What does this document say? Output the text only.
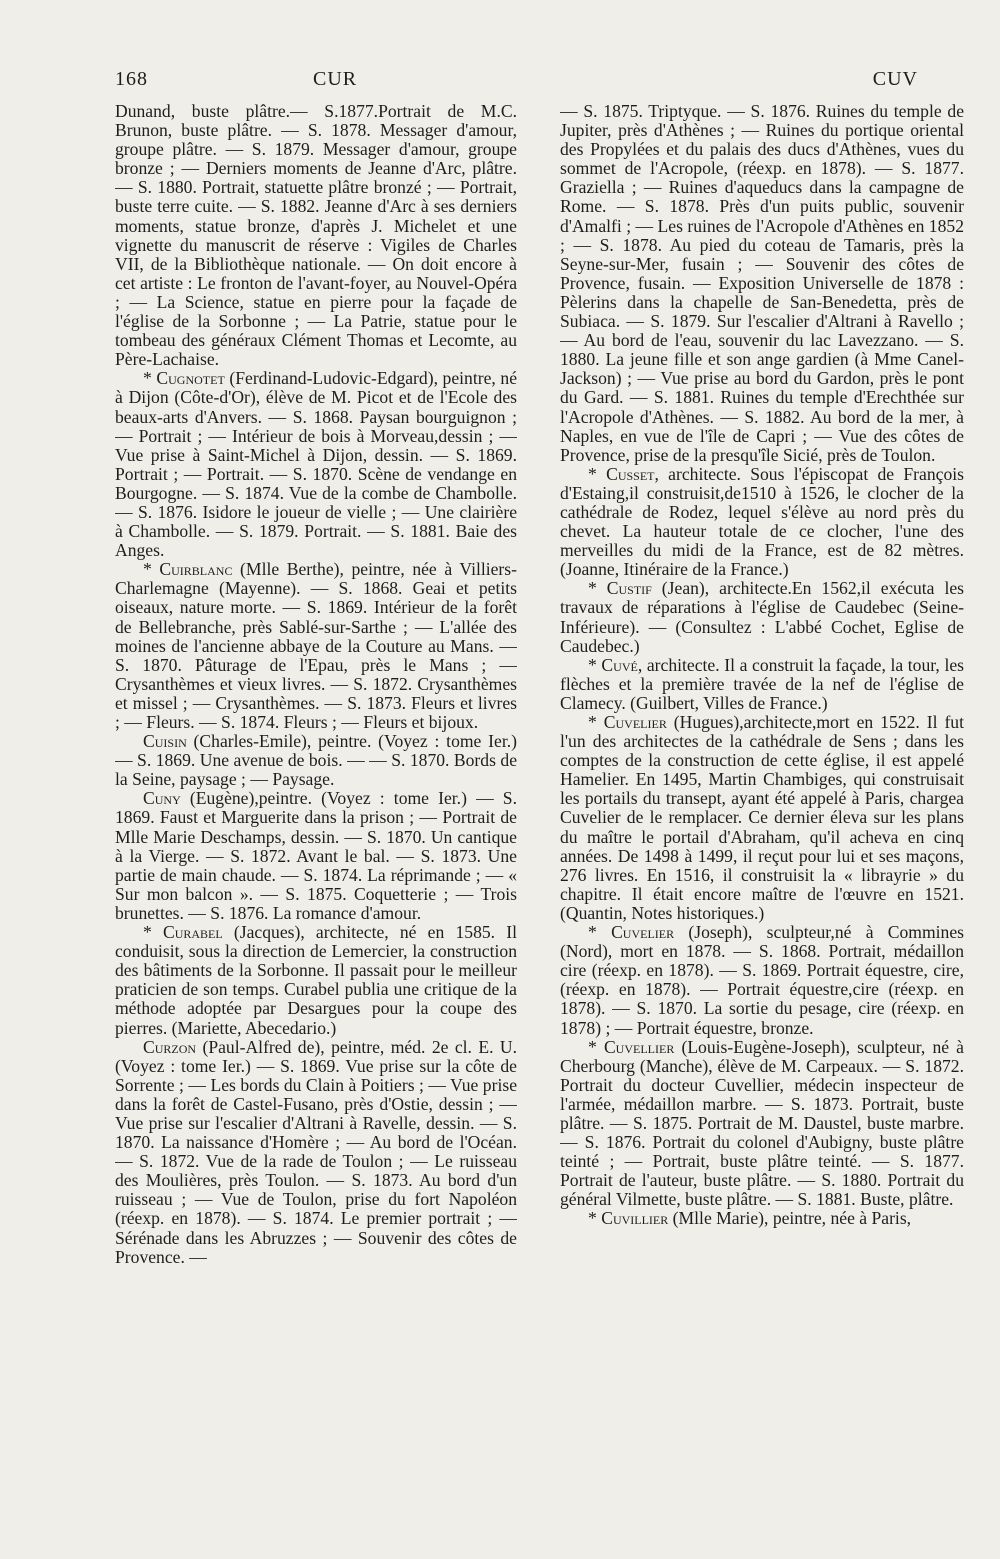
168	CUR	CUV

Dunand, buste plâtre.— S.1877.Portrait de M.C. Brunon, buste plâtre. — S. 1878. Messager d'amour, groupe plâtre. — S. 1879. Messager d'amour, groupe bronze ; — Derniers moments de Jeanne d'Arc, plâtre. — S. 1880. Portrait, statuette plâtre bronzé ; — Portrait, buste terre cuite. — S. 1882. Jeanne d'Arc à ses derniers moments, statue bronze, d'après J. Michelet et une vignette du manuscrit de réserve : Vigiles de Charles VII, de la Bibliothèque nationale. — On doit encore à cet artiste : Le fronton de l'avant-foyer, au Nouvel-Opéra ; — La Science, statue en pierre pour la façade de l'église de la Sorbonne ; — La Patrie, statue pour le tombeau des généraux Clément Thomas et Lecomte, au Père-Lachaise.

* Cugnotet (Ferdinand-Ludovic-Edgard), peintre, né à Dijon (Côte-d'Or), élève de M. Picot et de l'Ecole des beaux-arts d'Anvers. — S. 1868. Paysan bourguignon ;— Portrait ; — Intérieur de bois à Morveau,dessin ; — Vue prise à Saint-Michel à Dijon, dessin. — S. 1869. Portrait ; — Portrait. — S. 1870. Scène de vendange en Bourgogne. — S. 1874. Vue de la combe de Chambolle. — S. 1876. Isidore le joueur de vielle ; — Une clairière à Chambolle. — S. 1879. Portrait. — S. 1881. Baie des Anges.

* Cuirblanc (Mlle Berthe), peintre, née à Villiers-Charlemagne (Mayenne). — S. 1868. Geai et petits oiseaux, nature morte. — S. 1869. Intérieur de la forêt de Bellebranche, près Sablé-sur-Sarthe ; — L'allée des moines de l'ancienne abbaye de la Couture au Mans. — S. 1870. Pâturage de l'Epau, près le Mans ; — Crysanthèmes et vieux livres. — S. 1872. Crysanthèmes et missel ; — Crysanthèmes. — S. 1873. Fleurs et livres ; — Fleurs. — S. 1874. Fleurs ; — Fleurs et bijoux.

Cuisin (Charles-Emile), peintre. (Voyez : tome Ier.) — S. 1869. Une avenue de bois. — — S. 1870. Bords de la Seine, paysage ; — Paysage.

Cuny (Eugène),peintre. (Voyez : tome Ier.) — S. 1869. Faust et Marguerite dans la prison ; — Portrait de Mlle Marie Deschamps, dessin. — S. 1870. Un cantique à la Vierge. — S. 1872. Avant le bal. — S. 1873. Une partie de main chaude. — S. 1874. La réprimande ; — « Sur mon balcon ». — S. 1875. Coquetterie ; — Trois brunettes. — S. 1876. La romance d'amour.

* Curabel (Jacques), architecte, né en 1585. Il conduisit, sous la direction de Lemercier, la construction des bâtiments de la Sorbonne. Il passait pour le meilleur praticien de son temps. Curabel publia une critique de la méthode adoptée par Desargues pour la coupe des pierres. (Mariette, Abecedario.)

Curzon (Paul-Alfred de), peintre, méd. 2e cl. E. U. (Voyez : tome Ier.) — S. 1869. Vue prise sur la côte de Sorrente ; — Les bords du Clain à Poitiers ; — Vue prise dans la forêt de Castel-Fusano, près d'Ostie, dessin ; — Vue prise sur l'escalier d'Altrani à Ravelle, dessin. — S. 1870. La naissance d'Homère ; — Au bord de l'Océan. — S. 1872. Vue de la rade de Toulon ; — Le ruisseau des Moulières, près Toulon. — S. 1873. Au bord d'un ruisseau ; — Vue de Toulon, prise du fort Napoléon (réexp. en 1878). — S. 1874. Le premier portrait ; — Sérénade dans les Abruzzes ; — Souvenir des côtes de Provence. —

— S. 1875. Triptyque. — S. 1876. Ruines du temple de Jupiter, près d'Athènes ; — Ruines du portique oriental des Propylées et du palais des ducs d'Athènes, vues du sommet de l'Acropole, (réexp. en 1878). — S. 1877. Graziella ; — Ruines d'aqueducs dans la campagne de Rome. — S. 1878. Près d'un puits public, souvenir d'Amalfi ; — Les ruines de l'Acropole d'Athènes en 1852 ; — S. 1878. Au pied du coteau de Tamaris, près la Seyne-sur-Mer, fusain ; — Souvenir des côtes de Provence, fusain. — Exposition Universelle de 1878 : Pèlerins dans la chapelle de San-Benedetta, près de Subiaca. — S. 1879. Sur l'escalier d'Altrani à Ravello ; — Au bord de l'eau, souvenir du lac Lavezzano. — S. 1880. La jeune fille et son ange gardien (à Mme Canel-Jackson) ; — Vue prise au bord du Gardon, près le pont du Gard. — S. 1881. Ruines du temple d'Erechthée sur l'Acropole d'Athènes. — S. 1882. Au bord de la mer, à Naples, en vue de l'île de Capri ; — Vue des côtes de Provence, prise de la presqu'île Sicié, près de Toulon.

* Cusset, architecte. Sous l'épiscopat de François d'Estaing,il construisit,de1510 à 1526, le clocher de la cathédrale de Rodez, lequel s'élève au nord près du chevet. La hauteur totale de ce clocher, l'une des merveilles du midi de la France, est de 82 mètres. (Joanne, Itinéraire de la France.)

* Custif (Jean), architecte.En 1562,il exécuta les travaux de réparations à l'église de Caudebec (Seine-Inférieure). — (Consultez : L'abbé Cochet, Eglise de Caudebec.)

* Cuvé, architecte. Il a construit la façade, la tour, les flèches et la première travée de la nef de l'église de Clamecy. (Guilbert, Villes de France.)

* Cuvelier (Hugues),architecte,mort en 1522. Il fut l'un des architectes de la cathédrale de Sens ; dans les comptes de la construction de cette église, il est appelé Hamelier. En 1495, Martin Chambiges, qui construisait les portails du transept, ayant été appelé à Paris, chargea Cuvelier de le remplacer. Ce dernier éleva sur les plans du maître le portail d'Abraham, qu'il acheva en cinq années. De 1498 à 1499, il reçut pour lui et ses maçons, 276 livres. En 1516, il construisit la « librayrie » du chapitre. Il était encore maître de l'œuvre en 1521. (Quantin, Notes historiques.)

* Cuvelier (Joseph), sculpteur,né à Commines (Nord), mort en 1878. — S. 1868. Portrait, médaillon cire (réexp. en 1878). — S. 1869. Portrait équestre, cire, (réexp. en 1878). — Portrait équestre,cire (réexp. en 1878). — S. 1870. La sortie du pesage, cire (réexp. en 1878) ; — Portrait équestre, bronze.

* Cuvellier (Louis-Eugène-Joseph), sculpteur, né à Cherbourg (Manche), élève de M. Carpeaux. — S. 1872. Portrait du docteur Cuvellier, médecin inspecteur de l'armée, médaillon marbre. — S. 1873. Portrait, buste plâtre. — S. 1875. Portrait de M. Daustel, buste marbre. — S. 1876. Portrait du colonel d'Aubigny, buste plâtre teinté ; — Portrait, buste plâtre teinté. — S. 1877. Portrait de l'auteur, buste plâtre. — S. 1880. Portrait du général Vilmette, buste plâtre. — S. 1881. Buste, plâtre.

* Cuvillier (Mlle Marie), peintre, née à Paris,
